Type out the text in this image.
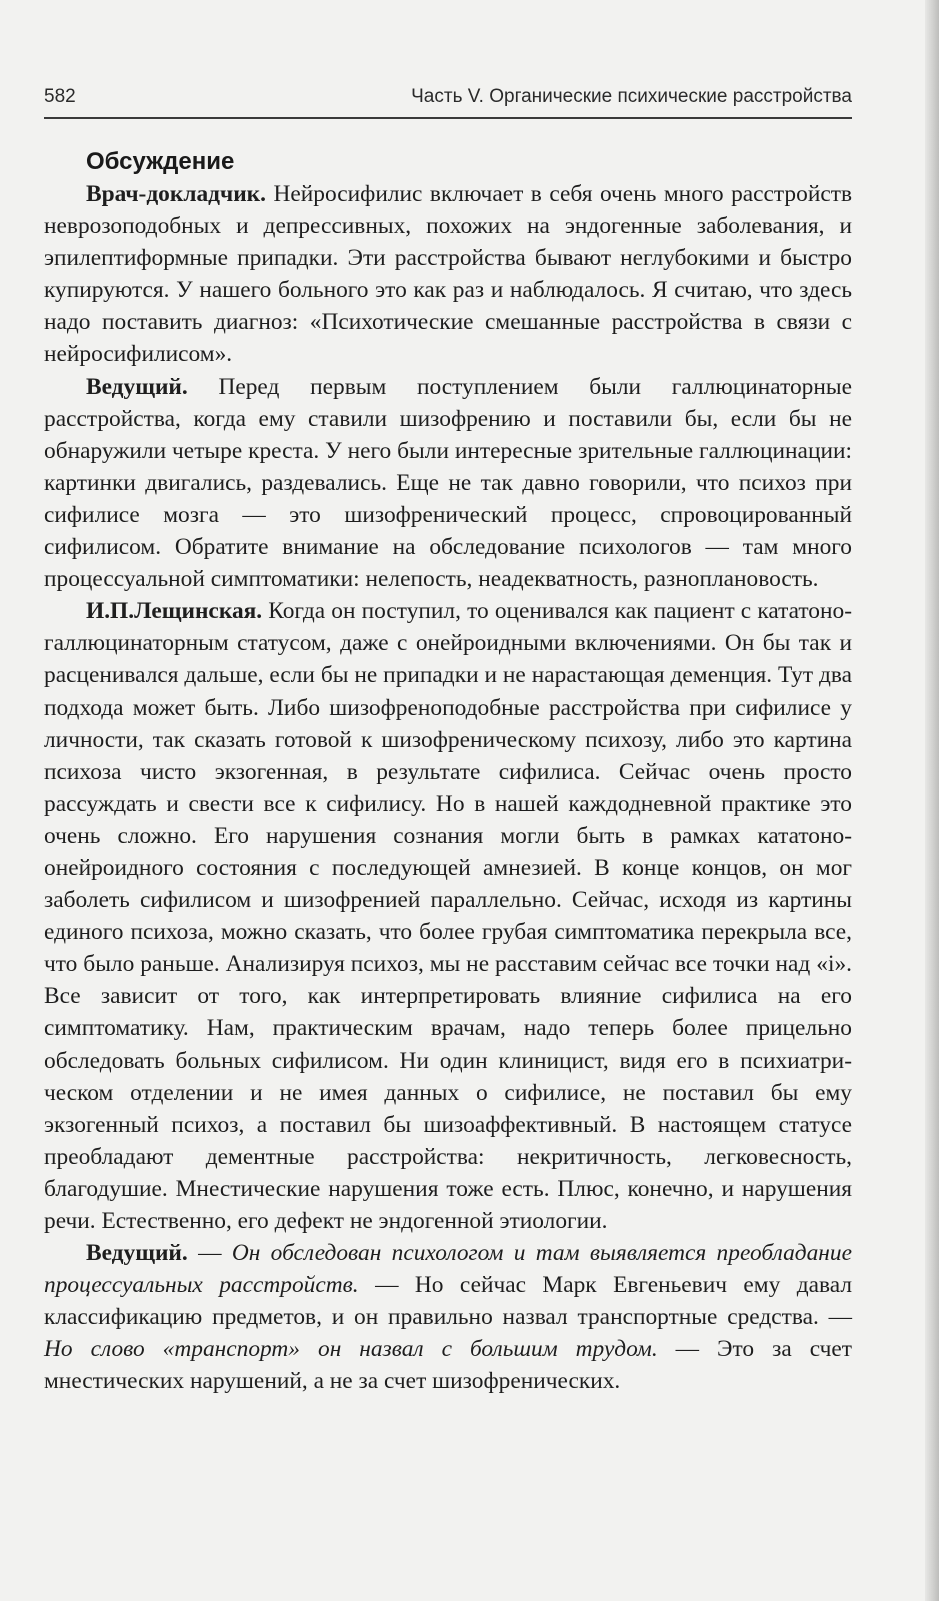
582	Часть V. Органические психические расстройства
Обсуждение

Врач-докладчик. Нейросифилис включает в себя очень много расстройств неврозоподобных и депрессивных, похожих на эндогенные заболевания, и эпилептиформные припадки. Эти расстройства бывают неглубокими и быстро купируются. У нашего больного это как раз и наблюдалось. Я считаю, что здесь надо поставить диагноз: «Психотические смешанные расстройства в связи с нейросифилисом».

Ведущий. Перед первым поступлением были галлюцинаторные расстройства, когда ему ставили шизофрению и поставили бы, если бы не обнаружили четыре креста. У него были интересные зрительные галлюцинации: картинки двигались, раздевались. Еще не так давно говорили, что психоз при сифилисе мозга — это шизофренический процесс, спровоцированный сифилисом. Обратите внимание на обследование психологов — там много процессуальной симптоматики: нелепость, неадекватность, разноплановость.

И.П.Лещинская. Когда он поступил, то оценивался как пациент с кататоно-галлюцинаторным статусом, даже с онейроидными включениями. Он бы так и расценивался дальше, если бы не припадки и не нарастающая деменция. Тут два подхода может быть. Либо шизофреноподобные расстройства при сифилисе у личности, так сказать готовой к шизофреническому психозу, либо это картина психоза чисто экзогенная, в результате сифилиса. Сейчас очень просто рассуждать и свести все к сифилису. Но в нашей каждодневной практике это очень сложно. Его нарушения сознания могли быть в рамках кататоно-онейроидного состояния с последующей амнезией. В конце концов, он мог заболеть сифилисом и шизофренией параллельно. Сейчас, исходя из картины единого психоза, можно сказать, что более грубая симптоматика перекрыла все, что было раньше. Анализируя психоз, мы не расставим сейчас все точки над «i». Все зависит от того, как интерпретировать влияние сифилиса на его симптоматику. Нам, практическим врачам, надо теперь более прицельно обследовать больных сифилисом. Ни один клиницист, видя его в психиатрическом отделении и не имея данных о сифилисе, не поставил бы ему экзогенный психоз, а поставил бы шизоаффективный. В настоящем статусе преобладают дементные расстройства: некритичность, легковесность, благодушие. Мнестические нарушения тоже есть. Плюс, конечно, и нарушения речи. Естественно, его дефект не эндогенной этиологии.

Ведущий. — Он обследован психологом и там выявляется преобладание процессуальных расстройств. — Но сейчас Марк Евгеньевич ему давал классификацию предметов, и он правильно назвал транспортные средства. — Но слово «транспорт» он назвал с большим трудом. — Это за счет мнестических нарушений, а не за счет шизофренических.
